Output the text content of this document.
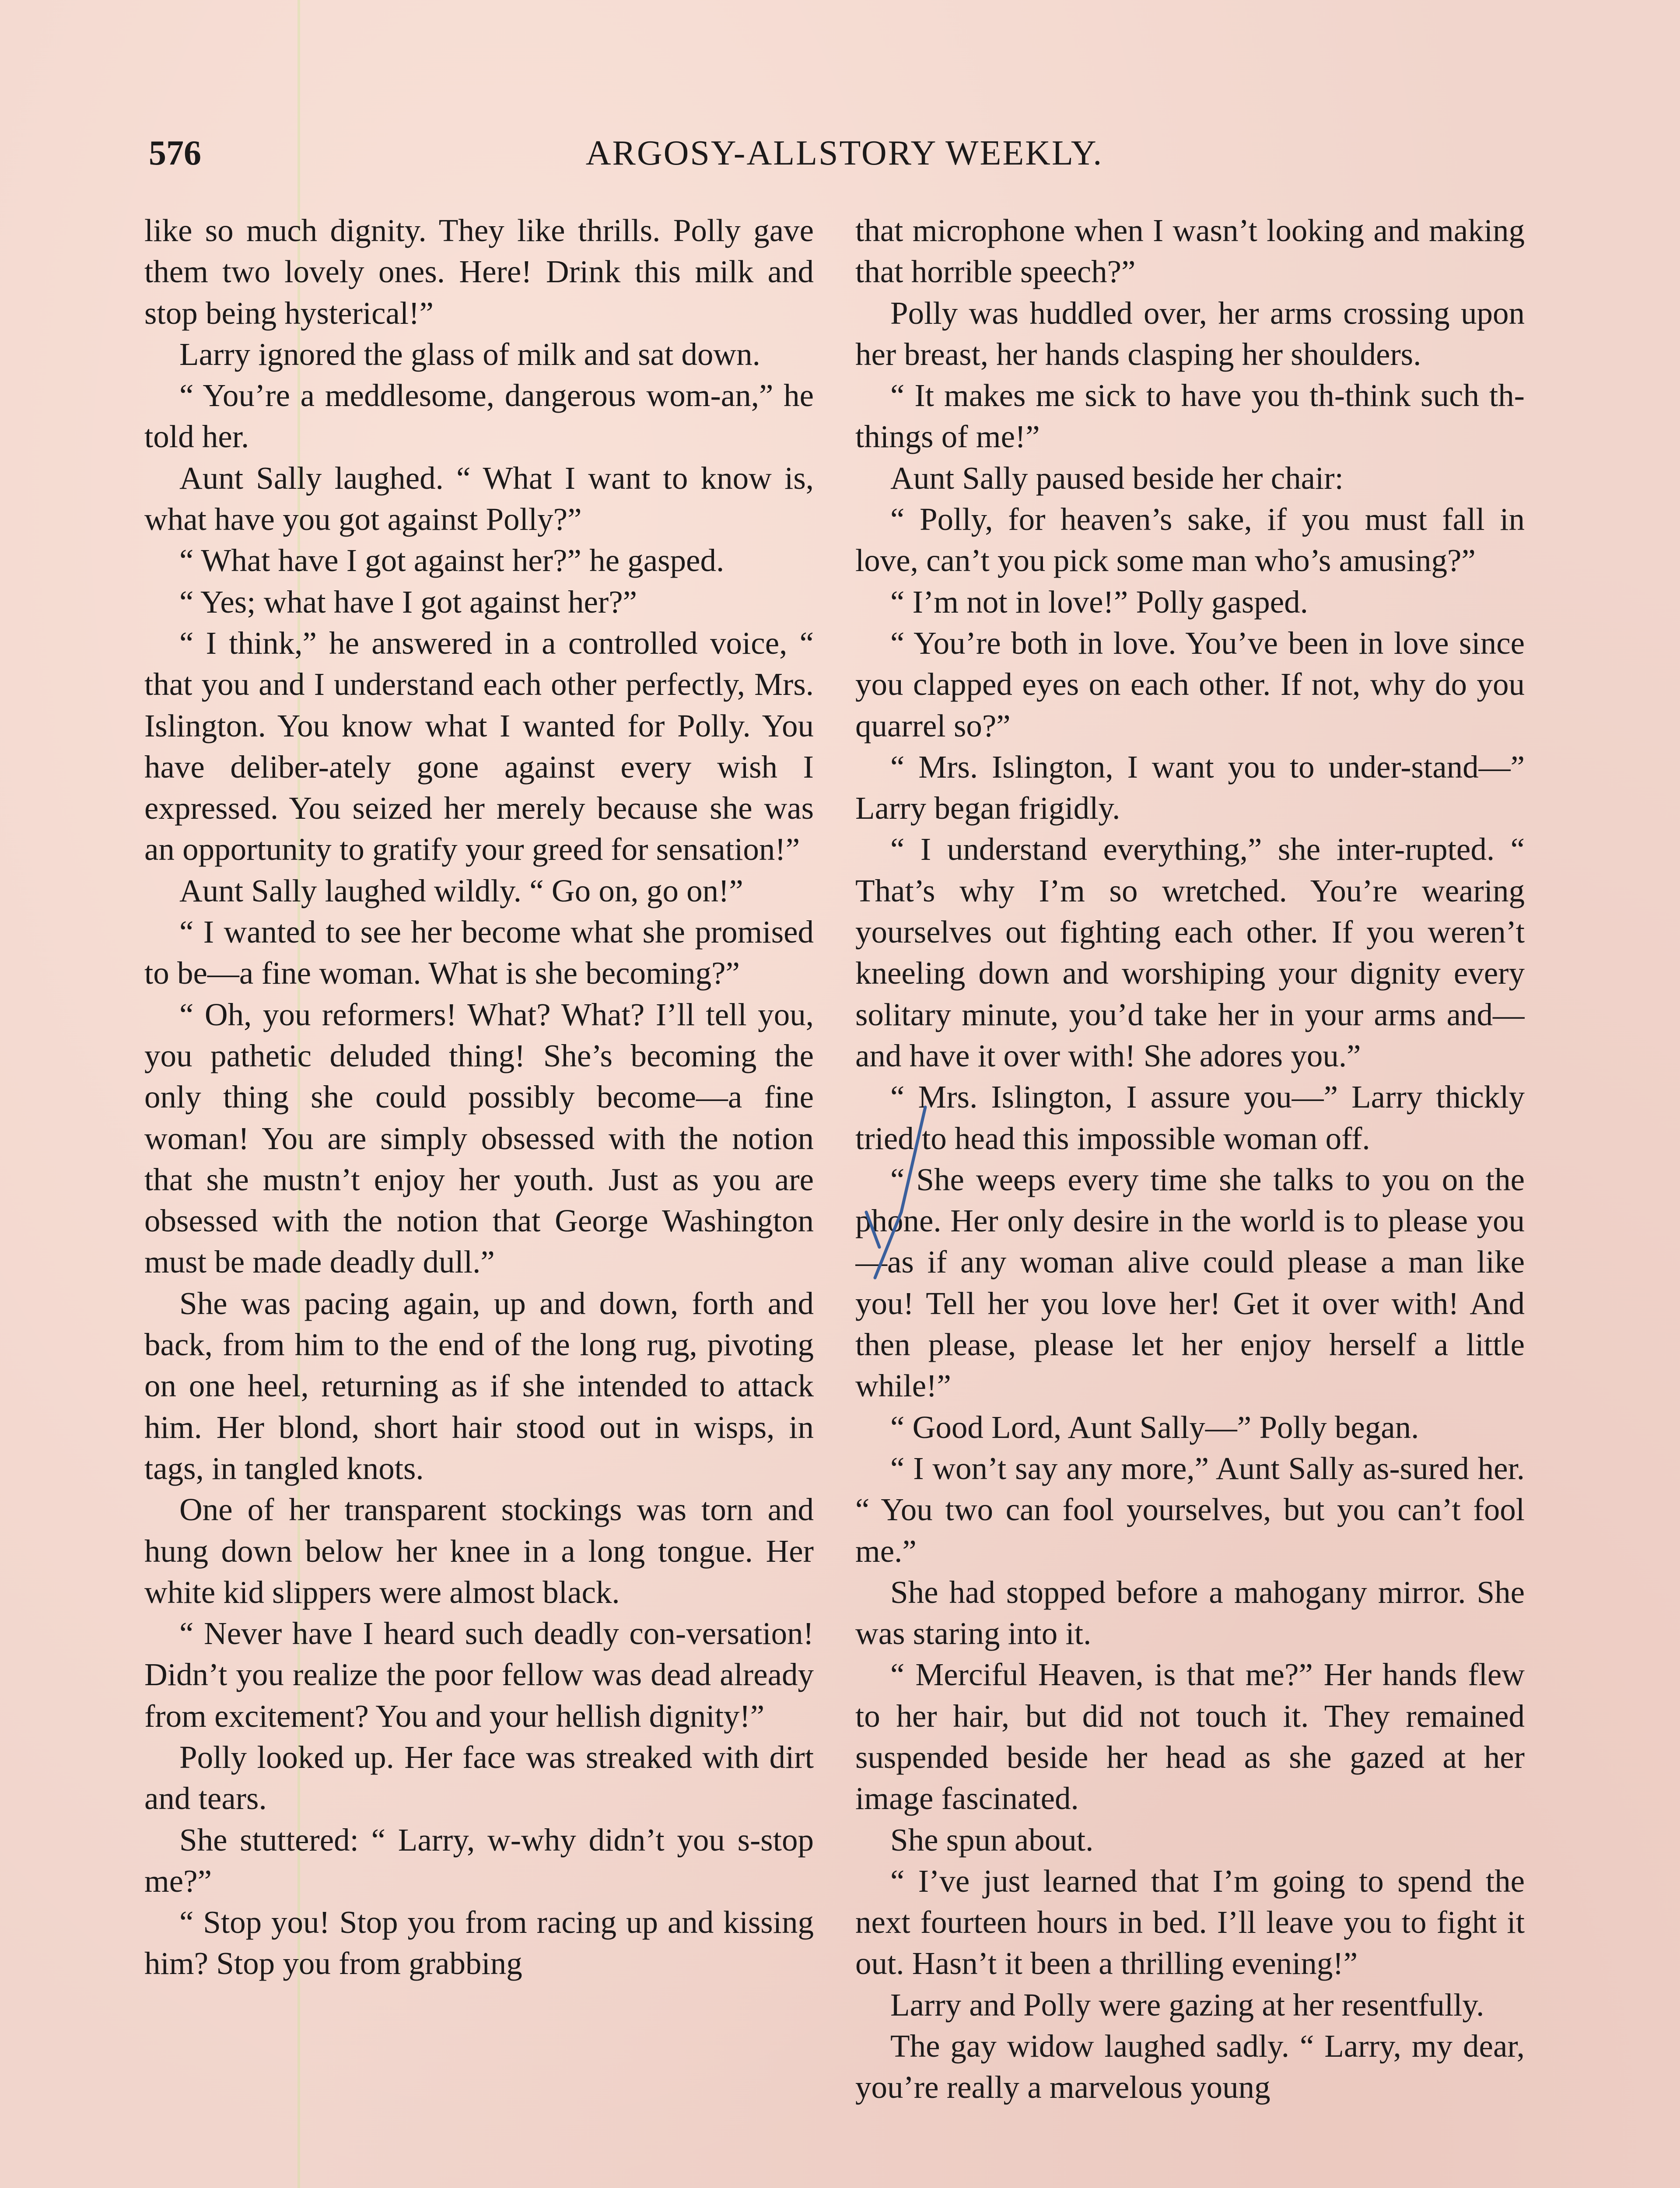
576	ARGOSY-ALLSTORY WEEKLY.

like so much dignity. They like thrills. Polly gave them two lovely ones. Here! Drink this milk and stop being hysterical!”

Larry ignored the glass of milk and sat down.

“ You’re a meddlesome, dangerous wom-an,” he told her.

Aunt Sally laughed. “ What I want to know is, what have you got against Polly?”

“ What have I got against her?” he gasped.

“ Yes; what have I got against her?”

“ I think,” he answered in a controlled voice, “ that you and I understand each other perfectly, Mrs. Islington. You know what I wanted for Polly. You have deliber-ately gone against every wish I expressed. You seized her merely because she was an opportunity to gratify your greed for sensation!”

Aunt Sally laughed wildly. “ Go on, go on!”

“ I wanted to see her become what she promised to be—a fine woman. What is she becoming?”

“ Oh, you reformers! What? What? I’ll tell you, you pathetic deluded thing! She’s becoming the only thing she could possibly become—a fine woman! You are simply obsessed with the notion that she mustn’t enjoy her youth. Just as you are obsessed with the notion that George Washington must be made deadly dull.”

She was pacing again, up and down, forth and back, from him to the end of the long rug, pivoting on one heel, returning as if she intended to attack him. Her blond, short hair stood out in wisps, in tags, in tangled knots.

One of her transparent stockings was torn and hung down below her knee in a long tongue. Her white kid slippers were almost black.

“ Never have I heard such deadly con-versation! Didn’t you realize the poor fellow was dead already from excitement? You and your hellish dignity!”

Polly looked up. Her face was streaked with dirt and tears.

She stuttered: “ Larry, w-why didn’t you s-stop me?”

“ Stop you! Stop you from racing up and kissing him? Stop you from grabbing

that microphone when I wasn’t looking and making that horrible speech?”

Polly was huddled over, her arms crossing upon her breast, her hands clasping her shoulders.

“ It makes me sick to have you th-think such th-things of me!”

Aunt Sally paused beside her chair:

“ Polly, for heaven’s sake, if you must fall in love, can’t you pick some man who’s amusing?”

“ I’m not in love!” Polly gasped.

“ You’re both in love. You’ve been in love since you clapped eyes on each other. If not, why do you quarrel so?”

“ Mrs. Islington, I want you to under-stand—” Larry began frigidly.

“ I understand everything,” she inter-rupted. “ That’s why I’m so wretched. You’re wearing yourselves out fighting each other. If you weren’t kneeling down and worshiping your dignity every solitary minute, you’d take her in your arms and—and have it over with! She adores you.”

“ Mrs. Islington, I assure you—” Larry thickly tried to head this impossible woman off.

“ She weeps every time she talks to you on the phone. Her only desire in the world is to please you—as if any woman alive could please a man like you! Tell her you love her! Get it over with! And then please, please let her enjoy herself a little while!”

“ Good Lord, Aunt Sally—” Polly began.

“ I won’t say any more,” Aunt Sally as-sured her. “ You two can fool yourselves, but you can’t fool me.”

She had stopped before a mahogany mirror. She was staring into it.

“ Merciful Heaven, is that me?” Her hands flew to her hair, but did not touch it. They remained suspended beside her head as she gazed at her image fascinated.

She spun about.

“ I’ve just learned that I’m going to spend the next fourteen hours in bed. I’ll leave you to fight it out. Hasn’t it been a thrilling evening!”

Larry and Polly were gazing at her resentfully.

The gay widow laughed sadly. “ Larry, my dear, you’re really a marvelous young
